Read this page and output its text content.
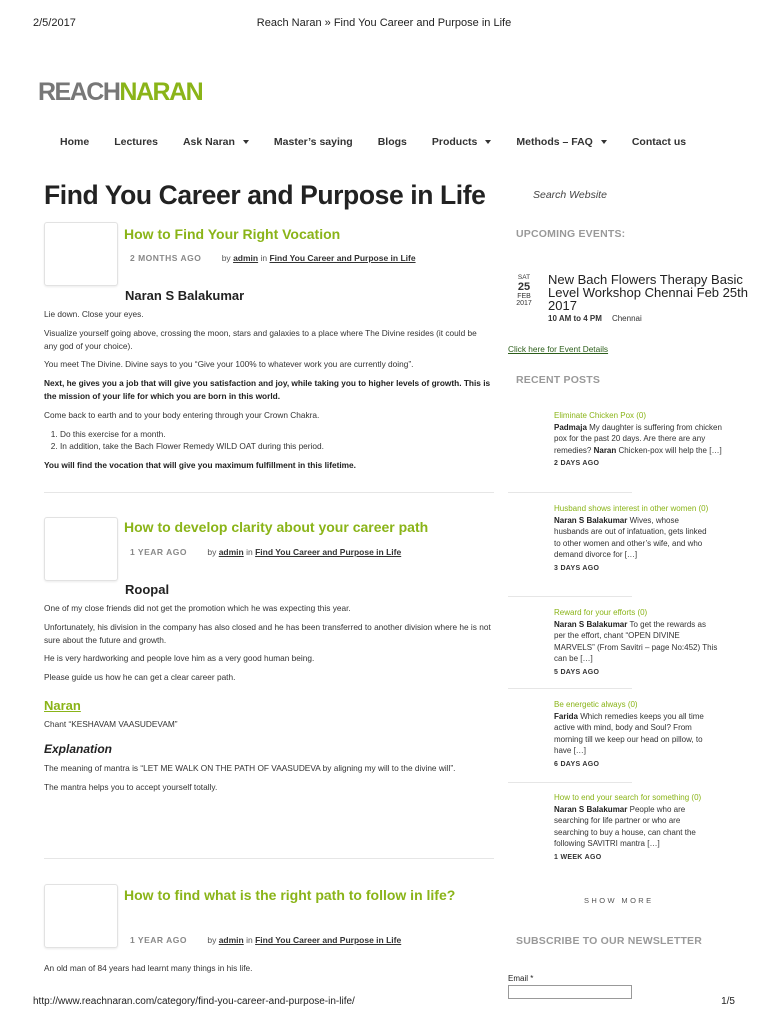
2/5/2017	Reach Naran » Find You Career and Purpose in Life
REACHNARAN
Home Lectures Ask Naran	Master’s saying Blogs Products	Methods – FAQ	Contact us
Find You Career and Purpose in Life
How to Find Your Right Vocation
2 MONTHS AGO by admin in Find You Career and Purpose in Life
Naran S Balakumar

Lie down. Close your eyes.

Visualize yourself going above, crossing the moon, stars and galaxies to a place where The Divine resides (it could be any god of your choice).

You meet The Divine. Divine says to you “Give your 100% to whatever work you are currently doing”.

Next, he gives you a job that will give you satisfaction and joy, while taking you to higher levels of growth. This is the mission of your life for which you are born in this world.

Come back to earth and to your body entering through your Crown Chakra.

1. Do this exercise for a month.
2. In addition, take the Bach Flower Remedy WILD OAT during this period.

You will find the vocation that will give you maximum fulfillment in this lifetime.

How to develop clarity about your career path
1 YEAR AGO by admin in Find You Career and Purpose in Life
Roopal

One of my close friends did not get the promotion which he was expecting this year.

Unfortunately, his division in the company has also closed and he has been transferred to another division where he is not sure about the future and growth.

He is very hardworking and people love him as a very good human being.

Please guide us how he can get a clear career path.

Naran

Chant “KESHAVAM VAASUDEVAM”

Explanation

The meaning of mantra is “LET ME WALK ON THE PATH OF VAASUDEVA by aligning my will to the divine will”.

The mantra helps you to accept yourself totally.

How to find what is the right path to follow in life?
1 YEAR AGO by admin in Find You Career and Purpose in Life

An old man of 84 years had learnt many things in his life.

Search Website
UPCOMING EVENTS:
SAT
25
FEB
2017
New Bach Flowers Therapy Basic Level Workshop Chennai Feb 25th 2017
10 AM to 4 PM Chennai
Click here for Event Details
RECENT POSTS
Eliminate Chicken Pox (0)
Padmaja My daughter is suffering from chicken pox for the past 20 days. Are there are any remedies? Naran Chicken-pox will help the […]
2 DAYS AGO
Husband shows interest in other women (0)
Naran S Balakumar Wives, whose husbands are out of infatuation, gets linked to other women and other’s wife, and who demand divorce for […]
3 DAYS AGO
Reward for your efforts (0)
Naran S Balakumar To get the rewards as per the effort, chant “OPEN DIVINE MARVELS” (From Savitri – page No:452) This can be […]
5 DAYS AGO
Be energetic always (0)
Farida Which remedies keeps you all time active with mind, body and Soul? From morning till we keep our head on pillow, to have […]
6 DAYS AGO
How to end your search for something (0)
Naran S Balakumar People who are searching for life partner or who are searching to buy a house, can chant the following SAVITRI mantra […]
1 WEEK AGO
SHOW MORE
SUBSCRIBE TO OUR NEWSLETTER
Email *
http://www.reachnaran.com/category/find-you-career-and-purpose-in-life/	1/5
